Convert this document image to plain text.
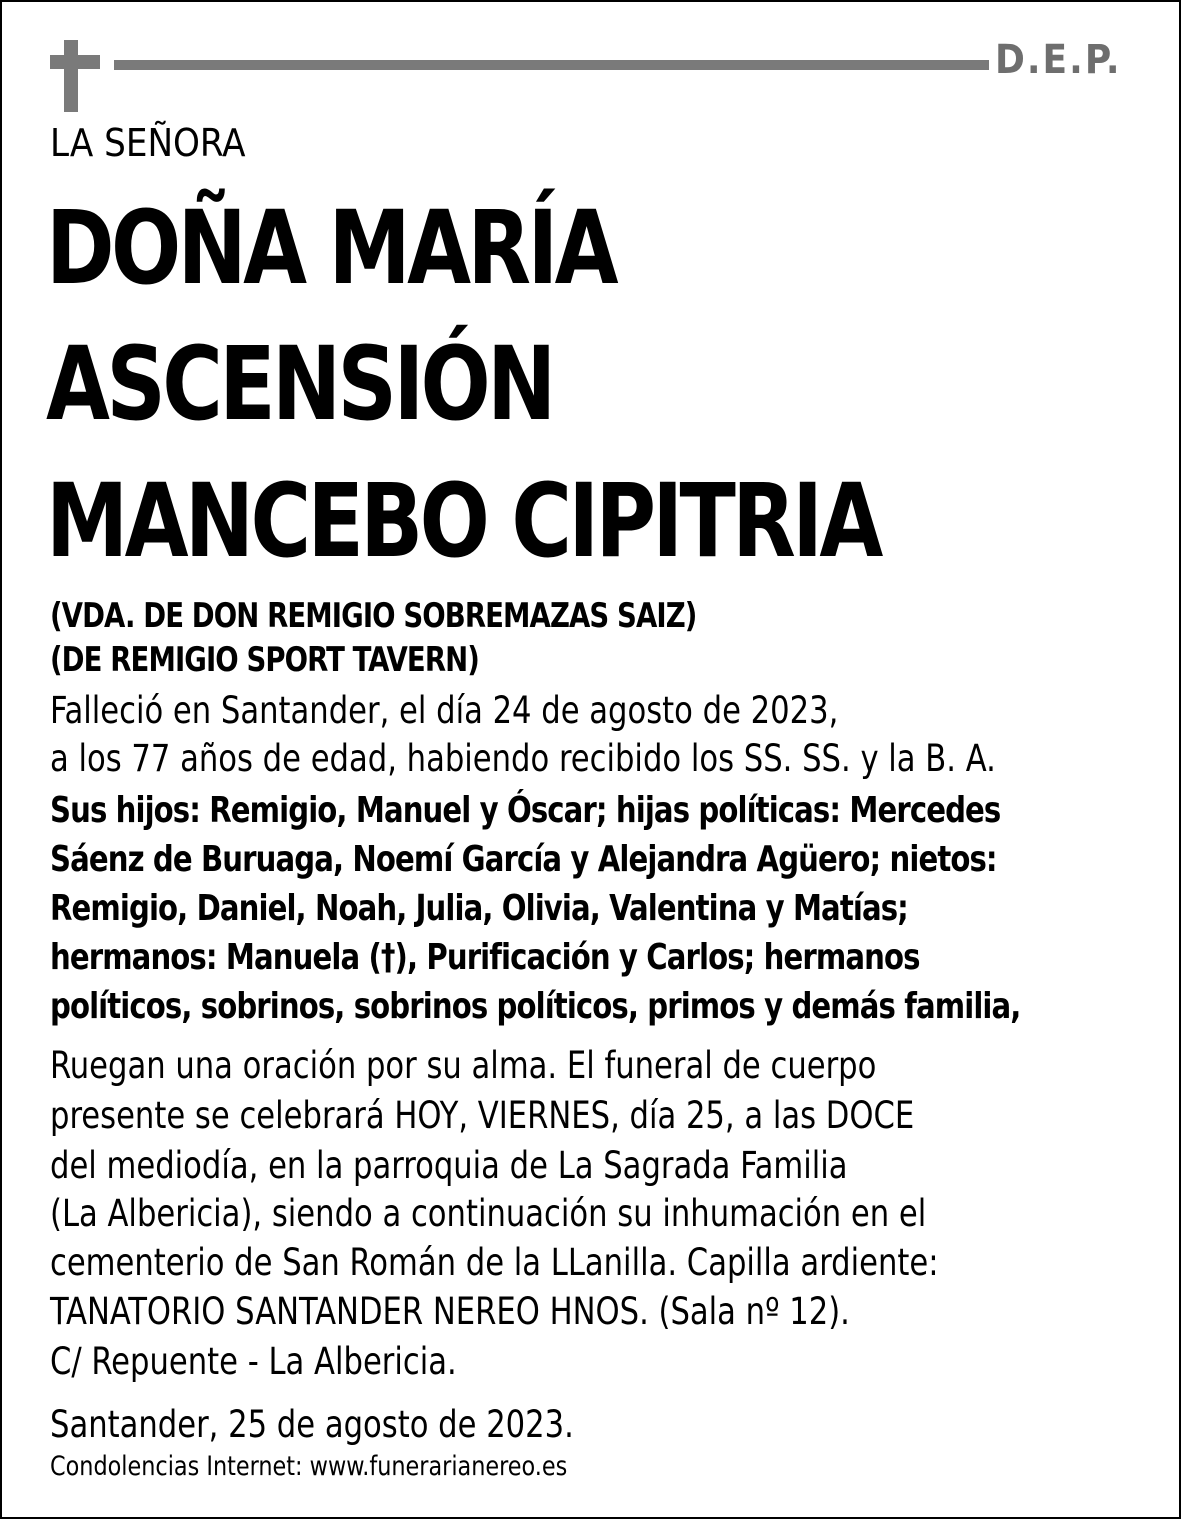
D.E.P.
LA SEÑORA
DOÑA MARÍA
ASCENSIÓN
MANCEBO CIPITRIA
(VDA. DE DON REMIGIO SOBREMAZAS SAIZ)
(DE REMIGIO SPORT TAVERN)
Falleció en Santander, el día 24 de agosto de 2023,
a los 77 años de edad, habiendo recibido los SS. SS. y la B. A.
Sus hijos: Remigio, Manuel y Óscar; hijas políticas: Mercedes
Sáenz de Buruaga, Noemí García y Alejandra Agüero; nietos:
Remigio, Daniel, Noah, Julia, Olivia, Valentina y Matías;
hermanos: Manuela (†), Purificación y Carlos; hermanos
políticos, sobrinos, sobrinos políticos, primos y demás familia,
Ruegan una oración por su alma. El funeral de cuerpo
presente se celebrará HOY, VIERNES, día 25, a las DOCE
del mediodía, en la parroquia de La Sagrada Familia
(La Albericia), siendo a continuación su inhumación en el
cementerio de San Román de la LLanilla. Capilla ardiente:
TANATORIO SANTANDER NEREO HNOS. (Sala nº 12).
C/ Repuente - La Albericia.
Santander, 25 de agosto de 2023.
Condolencias Internet: www.funerarianereo.es
